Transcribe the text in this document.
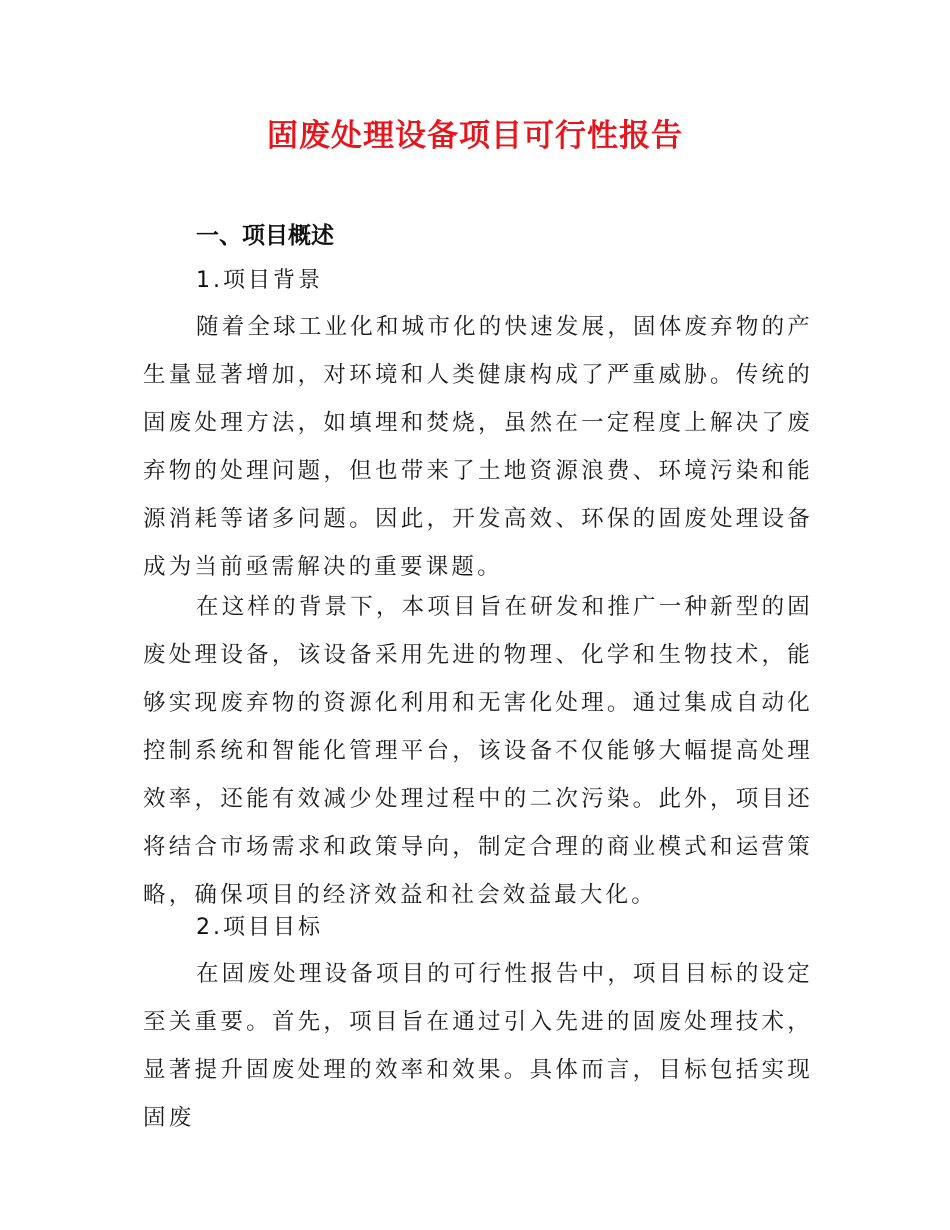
固废处理设备项目可行性报告
一、项目概述
1.项目背景
随着全球工业化和城市化的快速发展，固体废弃物的产生量显著增加，对环境和人类健康构成了严重威胁。传统的固废处理方法，如填埋和焚烧，虽然在一定程度上解决了废弃物的处理问题，但也带来了土地资源浪费、环境污染和能源消耗等诸多问题。因此，开发高效、环保的固废处理设备成为当前亟需解决的重要课题。
在这样的背景下，本项目旨在研发和推广一种新型的固废处理设备，该设备采用先进的物理、化学和生物技术，能够实现废弃物的资源化利用和无害化处理。通过集成自动化控制系统和智能化管理平台，该设备不仅能够大幅提高处理效率，还能有效减少处理过程中的二次污染。此外，项目还将结合市场需求和政策导向，制定合理的商业模式和运营策略，确保项目的经济效益和社会效益最大化。
2.项目目标
在固废处理设备项目的可行性报告中，项目目标的设定至关重要。首先，项目旨在通过引入先进的固废处理技术，显著提升固废处理的效率和效果。具体而言，目标包括实现固废
